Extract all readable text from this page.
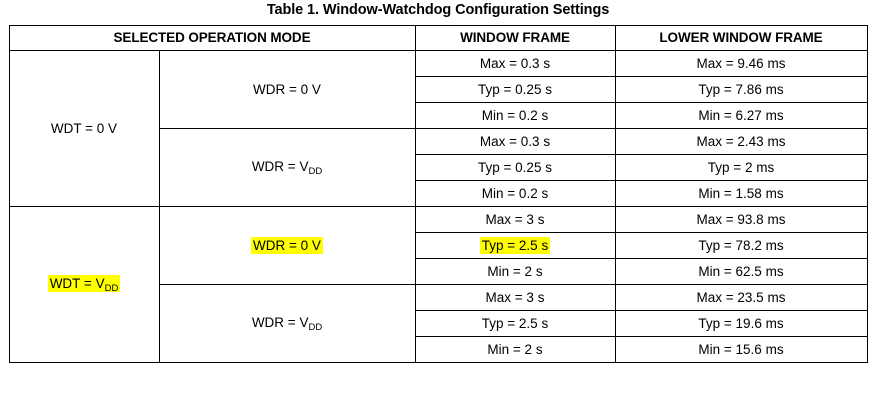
Table 1. Window-Watchdog Configuration Settings
SELECTED OPERATION MODE		WINDOW FRAME	LOWER WINDOW FRAME
WDT = 0 V	WDR = 0 V	Max = 0.3 s	Max = 9.46 ms
		Typ = 0.25 s	Typ = 7.86 ms
		Min = 0.2 s	Min = 6.27 ms
	WDR = $V_{DD}$	Max = 0.3 s	Max = 2.43 ms
		Typ = 0.25 s	Typ = 2 ms
		Min = 0.2 s	Min = 1.58 ms
WDT = $V_{DD}$	WDR = 0 V	Max = 3 s	Max = 93.8 ms
		Typ = 2.5 s	Typ = 78.2 ms
		Min = 2 s	Min = 62.5 ms
	WDR = $V_{DD}$	Max = 3 s	Max = 23.5 ms
		Typ = 2.5 s	Typ = 19.6 ms
		Min = 2 s	Min = 15.6 ms
